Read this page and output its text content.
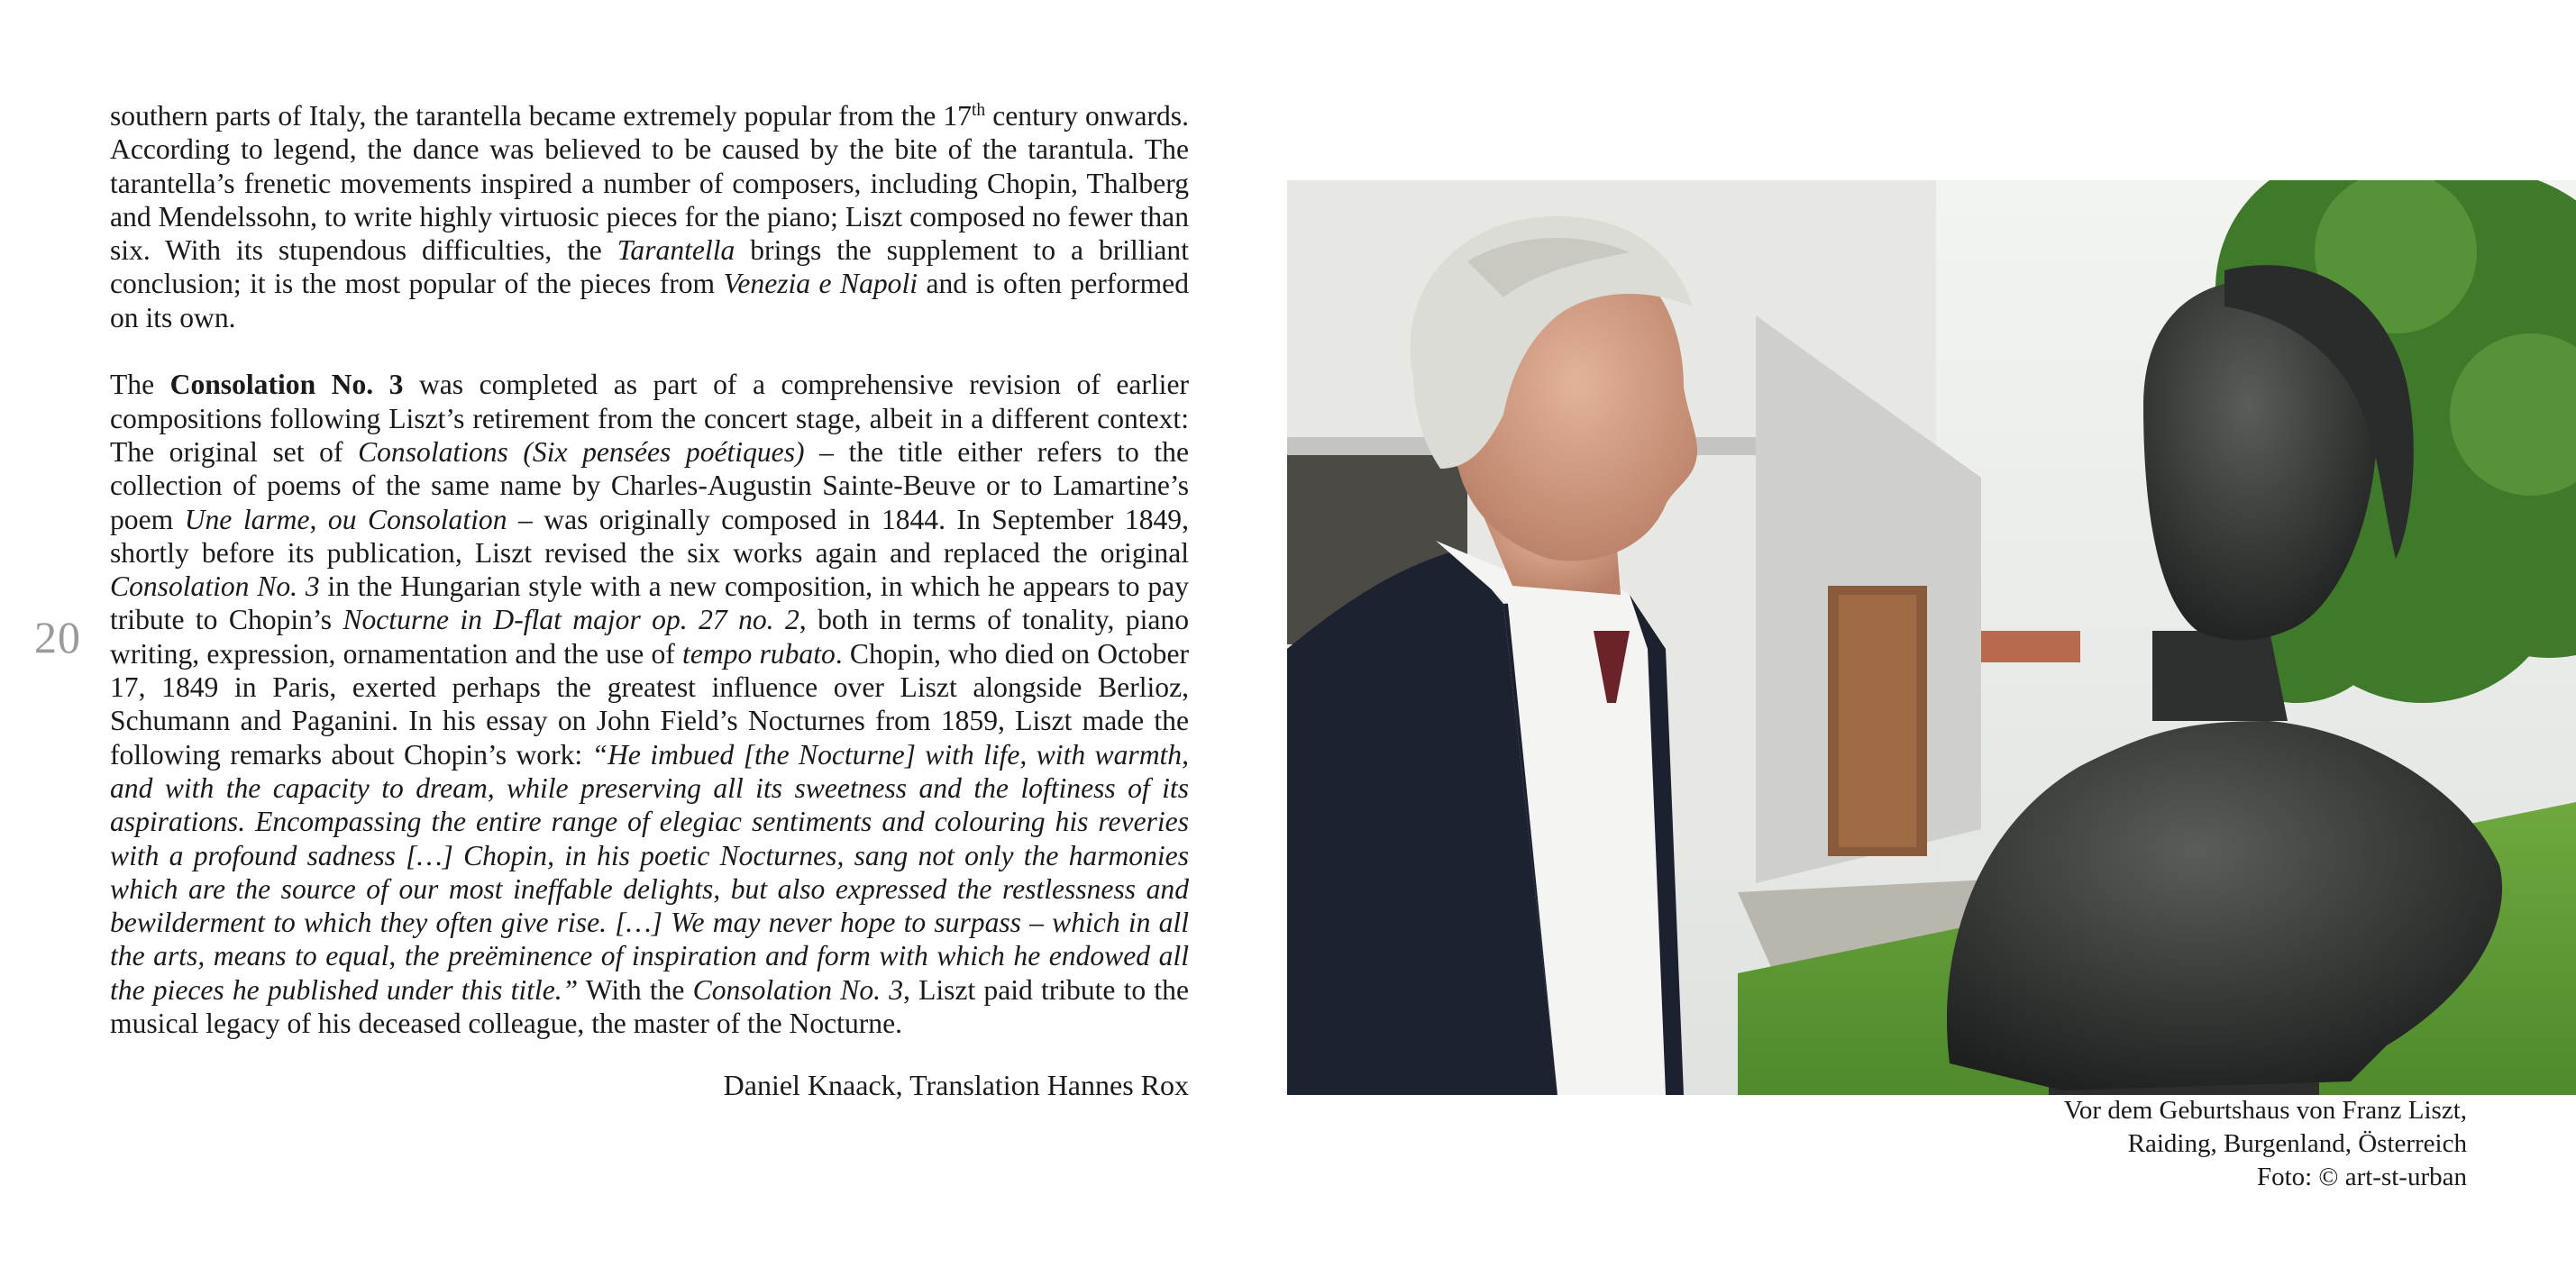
20

southern parts of Italy, the tarantella became extremely popular from the 17th century onwards. According to legend, the dance was believed to be caused by the bite of the tarantula. The tarantella’s frenetic movements inspired a number of composers, including Chopin, Thalberg and Mendelssohn, to write highly virtuosic pieces for the piano; Liszt composed no fewer than six. With its stupendous difficulties, the Tarantella brings the supplement to a brilliant conclusion; it is the most popular of the pieces from Venezia e Napoli and is often performed on its own.

The Consolation No. 3 was completed as part of a comprehensive revision of earlier compositions following Liszt’s retirement from the concert stage, albeit in a different context: The original set of Consolations (Six pensées poétiques) – the title either refers to the collection of poems of the same name by Charles-Augustin Sainte-Beuve or to Lamartine’s poem Une larme, ou Consolation – was originally composed in 1844. In September 1849, shortly before its publication, Liszt revised the six works again and replaced the original Consolation No. 3 in the Hungarian style with a new composition, in which he appears to pay tribute to Chopin’s Nocturne in D-flat major op. 27 no. 2, both in terms of tonality, piano writing, expression, ornamentation and the use of tempo rubato. Chopin, who died on October 17, 1849 in Paris, exerted perhaps the greatest influence over Liszt alongside Berlioz, Schumann and Paganini. In his essay on John Field’s Nocturnes from 1859, Liszt made the following remarks about Chopin’s work: “He imbued [the Nocturne] with life, with warmth, and with the capacity to dream, while preserving all its sweetness and the loftiness of its aspirations. Encompassing the entire range of elegiac sentiments and colouring his reveries with a profound sadness […] Chopin, in his poetic Nocturnes, sang not only the harmonies which are the source of our most ineffable delights, but also expressed the restlessness and bewilderment to which they often give rise. […] We may never hope to surpass – which in all the arts, means to equal, the preëminence of inspiration and form with which he endowed all the pieces he published under this title.” With the Consolation No. 3, Liszt paid tribute to the musical legacy of his deceased colleague, the master of the Nocturne.

Daniel Knaack, Translation Hannes Rox
Vor dem Geburtshaus von Franz Liszt,
Raiding, Burgenland, Österreich
Foto: © art-st-urban
